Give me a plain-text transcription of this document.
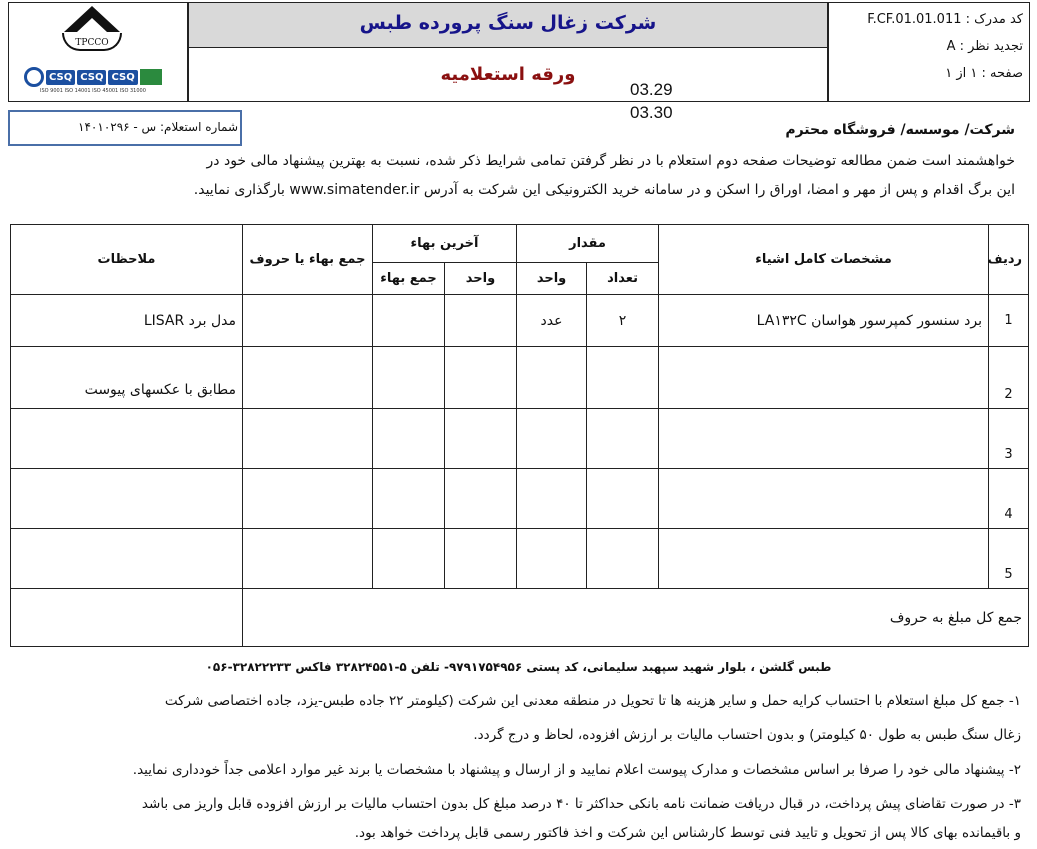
TPCCO
CSQ CSQ CSQ
ISO 9001 ISO 14001 ISO 45001 ISO 31000
شرکت زغال سنگ پرورده طبس
ورقه استعلامیه
03.29
03.30
کد مدرک : F.CF.01.01.011
تجدید نظر : A
صفحه : ۱ از ۱
شماره استعلام: س - ۱۴۰۱۰۲۹۶	شرکت/ موسسه/ فروشگاه محترم
خواهشمند است ضمن مطالعه توضیحات صفحه دوم استعلام با در نظر گرفتن تمامی شرایط ذکر شده، نسبت به بهترین پیشنهاد مالی خود در
این برگ اقدام و پس از مهر و امضا، اوراق را اسکن و در سامانه خرید الکترونیکی این شرکت به آدرس www.simatender.ir بارگذاری نمایید.
ردیف	مشخصات کامل اشیاء	مقدار		آخرین بهاء		جمع بهاء یا حروف	ملاحظات
		تعداد	واحد	واحد	جمع بهاء		
1	برد سنسور کمپرسور هواسان LA۱۳۲C	۲	عدد				مدل برد LISAR
2							مطابق با عکسهای پیوست
3							
4							
5							
جمع کل مبلغ به حروف							
طبس گلشن ، بلوار شهید سپهبد سلیمانی، کد پستی ۹۷۹۱۷۵۴۹۵۶- تلفن ۵-۳۲۸۲۴۵۵۱ فاکس ۳۲۸۲۲۲۳۳-۰۵۶
۱- جمع کل مبلغ استعلام با احتساب کرایه حمل و سایر هزینه ها تا تحویل در منطقه معدنی این شرکت (کیلومتر ۲۲ جاده طبس-یزد، جاده اختصاصی شرکت
زغال سنگ طبس به طول ۵۰ کیلومتر) و بدون احتساب مالیات بر ارزش افزوده، لحاظ و درج گردد.
۲- پیشنهاد مالی خود را صرفا بر اساس مشخصات و مدارک پیوست اعلام نمایید و از ارسال و پیشنهاد با مشخصات یا برند غیر موارد اعلامی جداً خودداری نمایید.
۳- در صورت تقاضای پیش پرداخت، در قبال دریافت ضمانت نامه بانکی حداکثر تا ۴۰ درصد مبلغ کل بدون احتساب مالیات بر ارزش افزوده قابل واریز می باشد
و باقیمانده بهای کالا پس از تحویل و تایید فنی توسط کارشناس این شرکت و اخذ فاکتور رسمی قابل پرداخت خواهد بود.
